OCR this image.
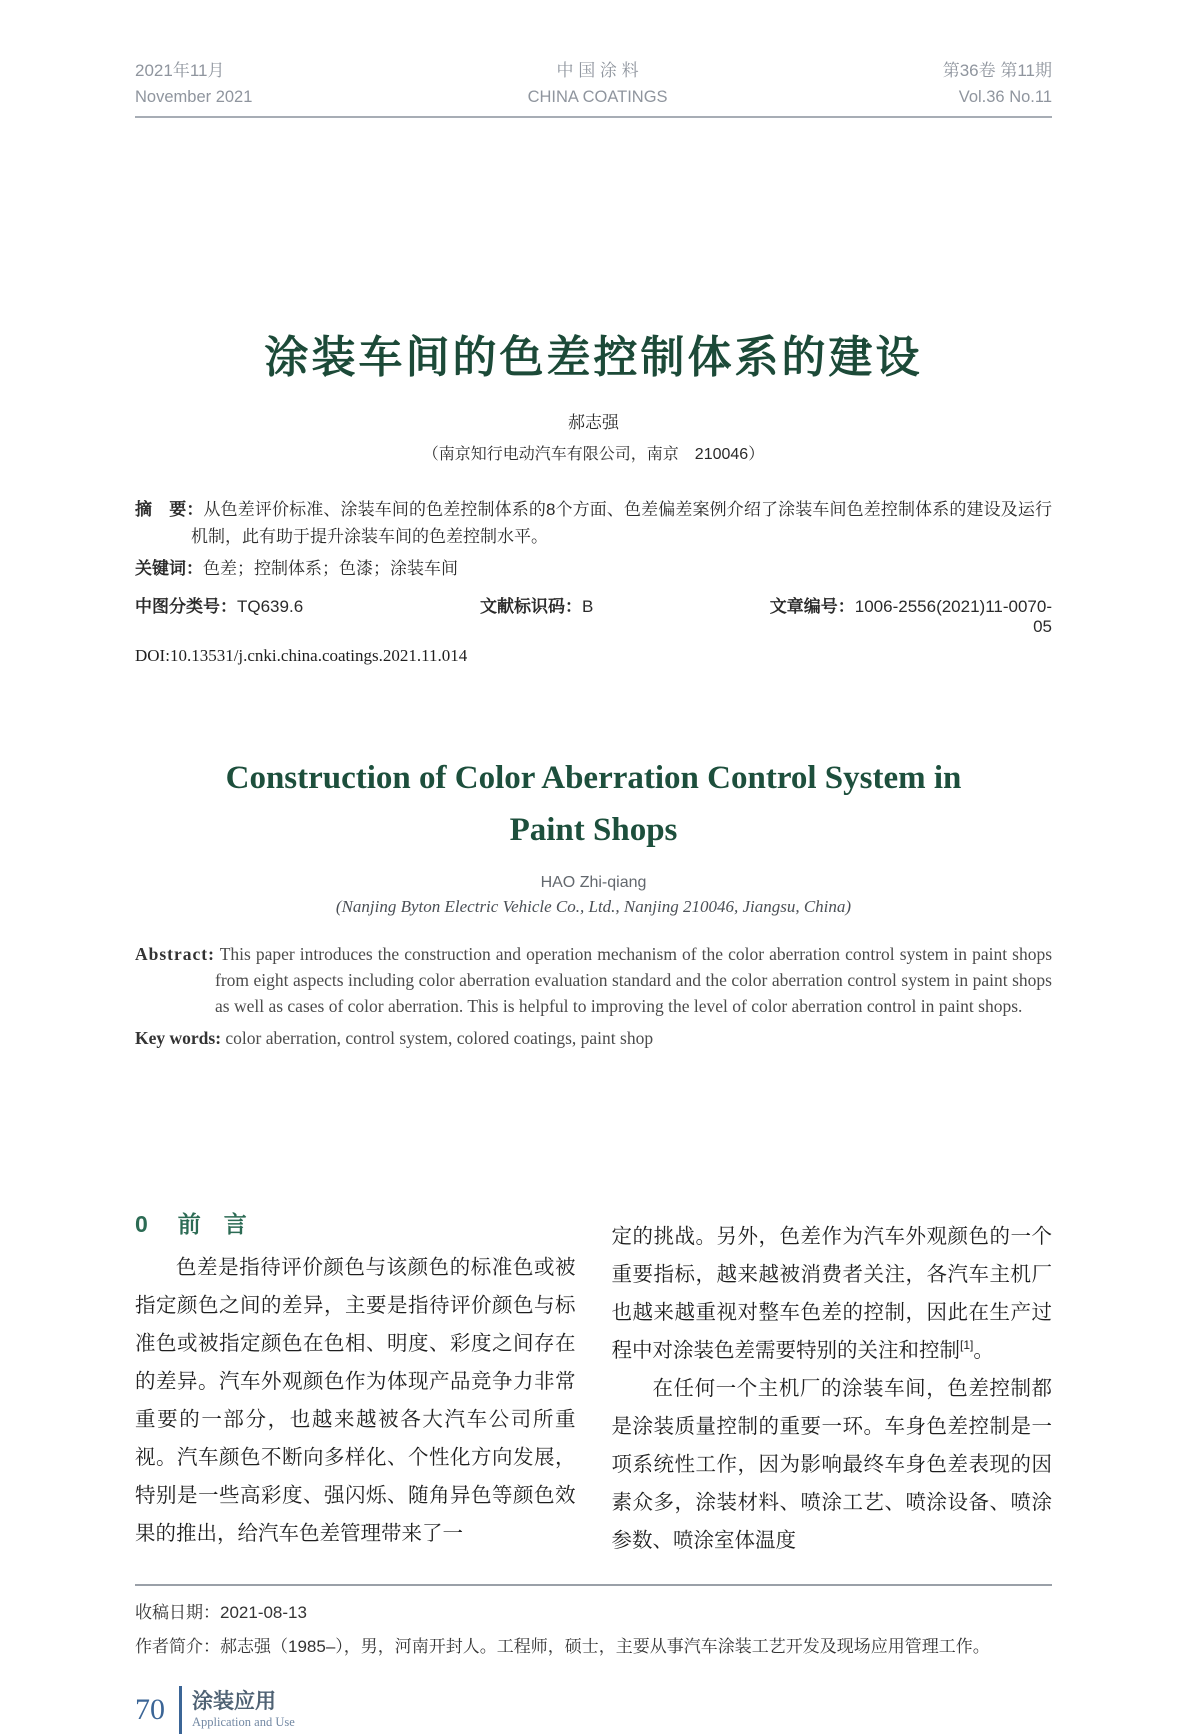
2021年11月
November 2021
中 国 涂 料
CHINA COATINGS
第36卷 第11期
Vol.36 No.11
涂装车间的色差控制体系的建设
郝志强
（南京知行电动汽车有限公司，南京　210046）
摘　要：从色差评价标准、涂装车间的色差控制体系的8个方面、色差偏差案例介绍了涂装车间色差控制体系的建设及运行机制，此有助于提升涂装车间的色差控制水平。
关键词：色差；控制体系；色漆；涂装车间
中图分类号：TQ639.6	文献标识码：B	文章编号：1006-2556(2021)11-0070-05
DOI:10.13531/j.cnki.china.coatings.2021.11.014
Construction of Color Aberration Control System in
Paint Shops
HAO Zhi-qiang
(Nanjing Byton Electric Vehicle Co., Ltd., Nanjing 210046, Jiangsu, China)
Abstract: This paper introduces the construction and operation mechanism of the color aberration control system in paint shops from eight aspects including color aberration evaluation standard and the color aberration control system in paint shops as well as cases of color aberration. This is helpful to improving the level of color aberration control in paint shops.
Key words: color aberration, control system, colored coatings, paint shop
0 前　言

色差是指待评价颜色与该颜色的标准色或被指定颜色之间的差异，主要是指待评价颜色与标准色或被指定颜色在色相、明度、彩度之间存在的差异。汽车外观颜色作为体现产品竞争力非常重要的一部分，也越来越被各大汽车公司所重视。汽车颜色不断向多样化、个性化方向发展，特别是一些高彩度、强闪烁、随角异色等颜色效果的推出，给汽车色差管理带来了一

定的挑战。另外，色差作为汽车外观颜色的一个重要指标，越来越被消费者关注，各汽车主机厂也越来越重视对整车色差的控制，因此在生产过程中对涂装色差需要特别的关注和控制[1]。

在任何一个主机厂的涂装车间，色差控制都是涂装质量控制的重要一环。车身色差控制是一项系统性工作，因为影响最终车身色差表现的因素众多，涂装材料、喷涂工艺、喷涂设备、喷涂参数、喷涂室体温度

收稿日期：2021-08-13
作者简介：郝志强（1985–），男，河南开封人。工程师，硕士，主要从事汽车涂装工艺开发及现场应用管理工作。
70 涂装应用
Application and Use
